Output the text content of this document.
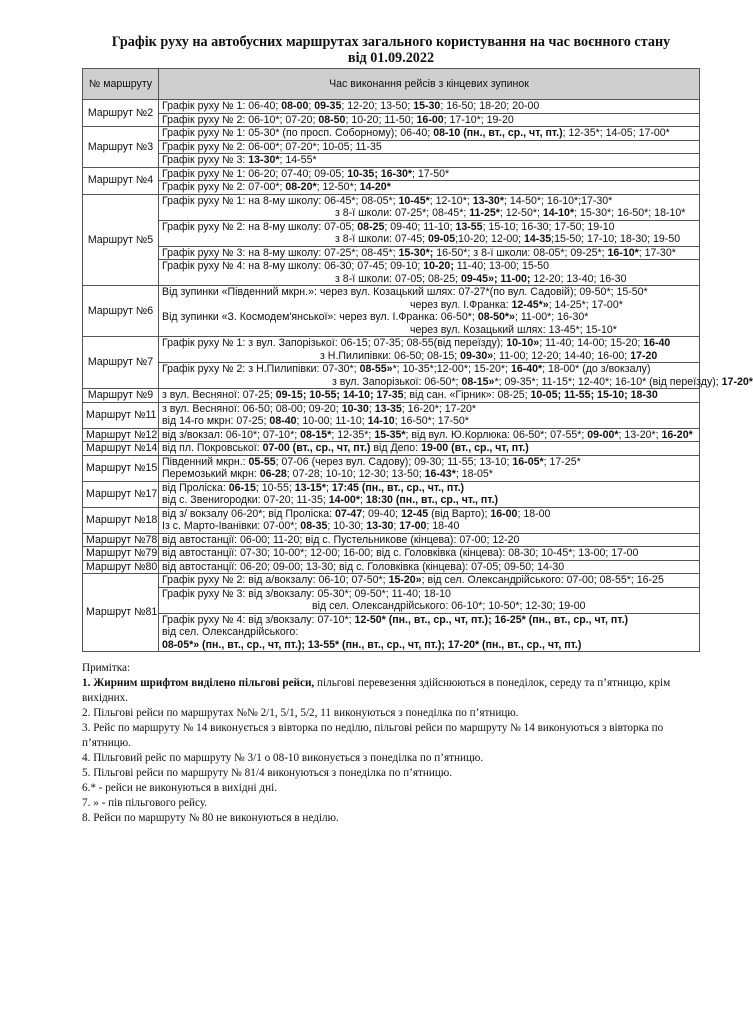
Графік руху на автобусних маршрутах загального користування на час воєнного стану
від 01.09.2022
№ маршруту	Час виконання рейсів з кінцевих зупинок
Маршрут №2	Графік руху № 1: 06-40; 08-00; 09-35; 12-20; 13-50; 15-30; 16-50; 18-20; 20-00

	Графік руху № 2: 06-10*; 07-20; 08-50; 10-20; 11-50; 16-00; 17-10*; 19-20

Маршрут №3	Графік руху № 1: 05-30* (по просп. Соборному); 06-40; 08-10 (пн., вт., ср., чт, пт.); 12-35*; 14-05; 17-00*

	Графік руху № 2: 06-00*; 07-20*; 10-05; 11-35

	Графік руху № 3: 13-30*; 14-55*

Маршрут №4	Графік руху № 1: 06-20; 07-40; 09-05; 10-35; 16-30*; 17-50*

	Графік руху № 2: 07-00*; 08-20*; 12-50*; 14-20*

Маршрут №5	Графік руху № 1: на 8-му школу: 06-45*; 08-05*; 10-45*; 12-10*; 13-30*; 14-50*; 16-10*;17-30*
з 8-ї школи: 07-25*; 08-45*; 11-25*; 12-50*; 14-10*; 15-30*; 16-50*; 18-10*

	Графік руху № 2: на 8-му школу: 07-05; 08-25; 09-40; 11-10; 13-55; 15-10; 16-30; 17-50; 19-10
з 8-ї школи: 07-45; 09-05;10-20; 12-00; 14-35;15-50; 17-10; 18-30; 19-50

	Графік руху № 3: на 8-му школу: 07-25*; 08-45*; 15-30*; 16-50*; з 8-ї школи: 08-05*; 09-25*; 16-10*; 17-30*

	Графік руху № 4: на 8-му школу: 06-30; 07-45; 09-10; 10-20; 11-40; 13-00; 15-50
з 8-ї школи: 07-05; 08-25; 09-45»; 11-00; 12-20; 13-40; 16-30

Маршрут №6	Від зупинки «Південний мкрн.»: через вул. Козацький шлях: 07-27*(по вул. Садовій); 09-50*; 15-50*
через вул. І.Франка: 12-45*»; 14-25*; 17-00*
Від зупинки «З. Космодем'янської»: через вул. І.Франка: 06-50*; 08-50*»; 11-00*; 16-30*
через вул. Козацький шлях: 13-45*; 15-10*

Маршрут №7	Графік руху № 1: з вул. Запорізької: 06-15; 07-35; 08-55(від переїзду); 10-10»; 11-40; 14-00; 15-20; 16-40
з Н.Пилипівки: 06-50; 08-15; 09-30»; 11-00; 12-20; 14-40; 16-00; 17-20

	Графік руху № 2: з Н.Пилипівки: 07-30*; 08-55»*; 10-35*;12-00*; 15-20*; 16-40*; 18-00* (до з/вокзалу)
з вул. Запорізької: 06-50*; 08-15»*; 09-35*; 11-15*; 12-40*; 16-10* (від переїзду); 17-20*

Маршрут №9	з вул. Весняної: 07-25; 09-15; 10-55; 14-10; 17-35; від сан. «Гірник»: 08-25; 10-05; 11-55; 15-10; 18-30

Маршрут №11	з вул. Весняної: 06-50; 08-00; 09-20; 10-30; 13-35; 16-20*; 17-20*
від 14-го мкрн: 07-25; 08-40; 10-00; 11-10; 14-10; 16-50*; 17-50*

Маршрут №12	від з/вокзал: 06-10*; 07-10*; 08-15*; 12-35*; 15-35*; від вул. Ю.Корлюка: 06-50*; 07-55*; 09-00*; 13-20*; 16-20*

Маршрут №14	від пл. Покровської: 07-00 (вт., ср., чт, пт.) від Депо: 19-00 (вт., ср., чт, пт.)

Маршрут №15	Південний мкрн.: 05-55; 07-06 (через вул. Садову); 09-30; 11-55; 13-10; 16-05*; 17-25*
Перемозький мкрн: 06-28; 07-28; 10-10; 12-30; 13-50; 16-43*; 18-05*

Маршрут №17	від Проліска: 06-15; 10-55; 13-15*; 17:45 (пн., вт., ср., чт., пт.)
від с. Звенигородки: 07-20; 11-35; 14-00*; 18:30 (пн., вт., ср., чт., пт.)

Маршрут №18	від з/ вокзалу 06-20*; від Проліска: 07-47; 09-40; 12-45 (від Варто); 16-00; 18-00
Із с. Марто-Іванівки: 07-00*; 08-35; 10-30; 13-30; 17-00; 18-40

Маршрут №78	від автостанції: 06-00; 11-20; від с. Пустельникове (кінцева): 07-00; 12-20

Маршрут №79	від автостанції: 07-30; 10-00*; 12-00; 16-00; від с. Головківка (кінцева): 08-30; 10-45*; 13-00; 17-00

Маршрут №80	від автостанції: 06-20; 09-00; 13-30; від с. Головківка (кінцева): 07-05; 09-50; 14-30

Маршрут №81	Графік руху № 2: від а/вокзалу: 06-10; 07-50*; 15-20»; від сел. Олександрійського: 07-00; 08-55*; 16-25

	Графік руху № 3: від з/вокзалу: 05-30*; 09-50*; 11-40; 18-10
від сел. Олександрійського: 06-10*; 10-50*; 12-30; 19-00

	Графік руху № 4: від з/вокзалу: 07-10*; 12-50* (пн., вт., ср., чт, пт.); 16-25* (пн., вт., ср., чт, пт.)
від сел. Олександрійського:
08-05*» (пн., вт., ср., чт, пт.); 13-55* (пн., вт., ср., чт, пт.); 17-20* (пн., вт., ср., чт, пт.)

Примітка:

1. Жирним шрифтом виділено пільгові рейси, пільгові перевезення здійснюються в понеділок, середу та п’ятницю, крім вихідних.

2. Пільгові рейси по маршрутах №№ 2/1, 5/1, 5/2, 11 виконуються з понеділка по п’ятницю.

3. Рейс по маршруту № 14 виконується з вівторка по неділю, пільгові рейси по маршруту № 14 виконуються з вівторка по п’ятницю.

4. Пільговий рейс по маршруту № 3/1 о 08-10 виконується з понеділка по п’ятницю.

5. Пільгові рейси по маршруту № 81/4 виконуються з понеділка по п’ятницю.

6.* - рейси не виконуються в вихідні дні.

7. » - пів пільгового рейсу.

8. Рейси по маршруту № 80 не виконуються в неділю.
